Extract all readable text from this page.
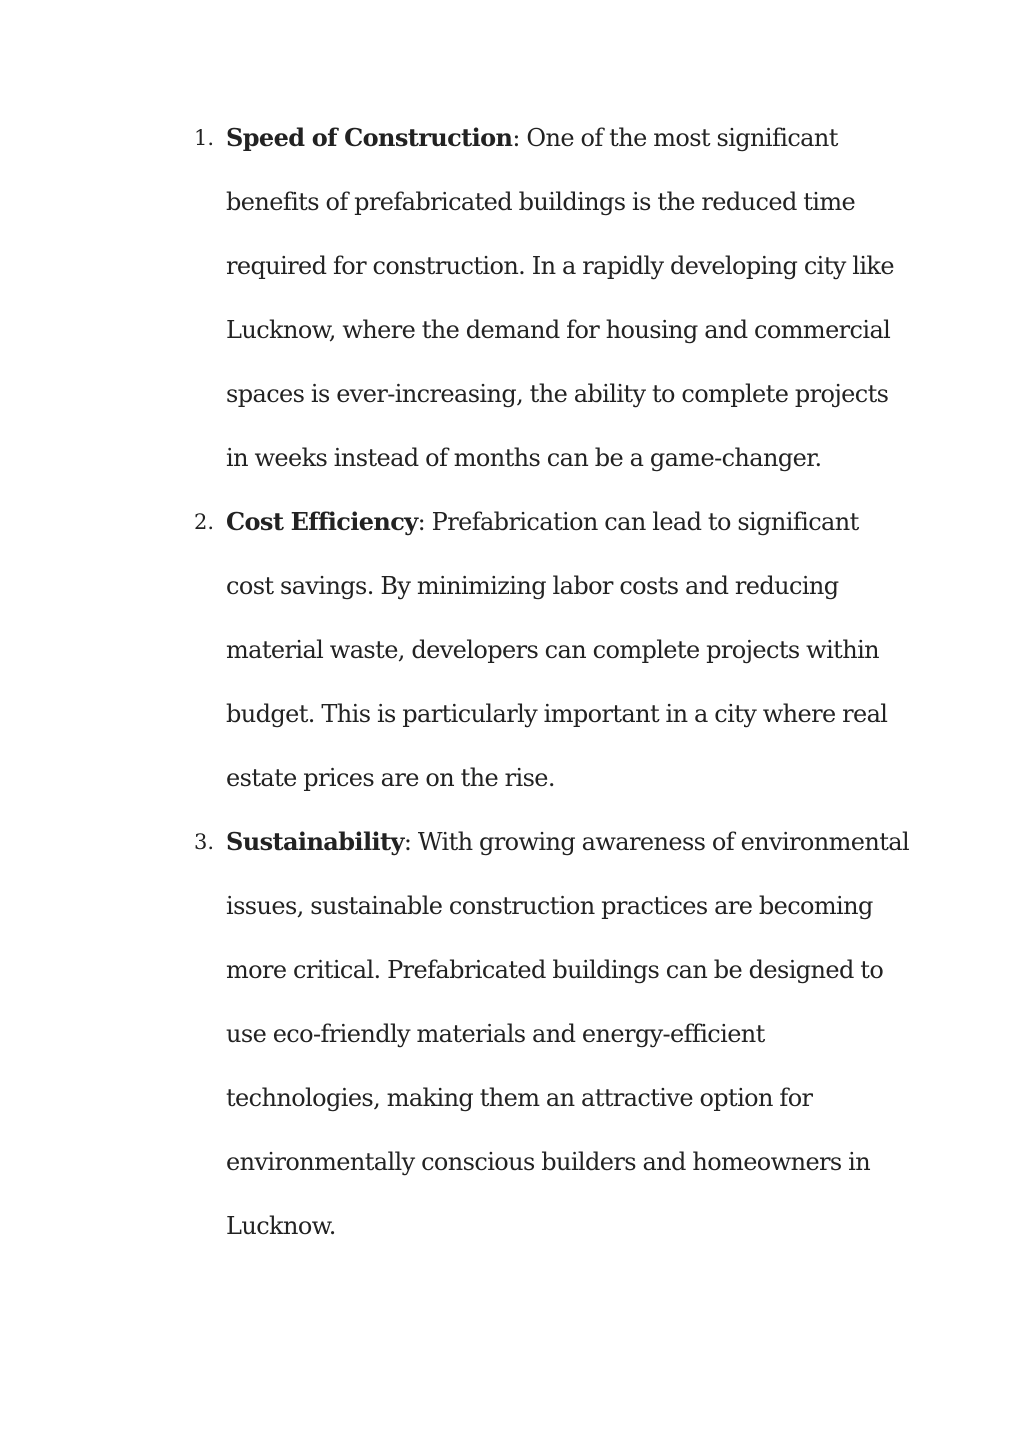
1. Speed of Construction: One of the most significant benefits of prefabricated buildings is the reduced time required for construction. In a rapidly developing city like Lucknow, where the demand for housing and commercial spaces is ever-increasing, the ability to complete projects in weeks instead of months can be a game-changer.
2. Cost Efficiency: Prefabrication can lead to significant cost savings. By minimizing labor costs and reducing material waste, developers can complete projects within budget. This is particularly important in a city where real estate prices are on the rise.
3. Sustainability: With growing awareness of environmental issues, sustainable construction practices are becoming more critical. Prefabricated buildings can be designed to use eco-friendly materials and energy-efficient technologies, making them an attractive option for environmentally conscious builders and homeowners in Lucknow.
